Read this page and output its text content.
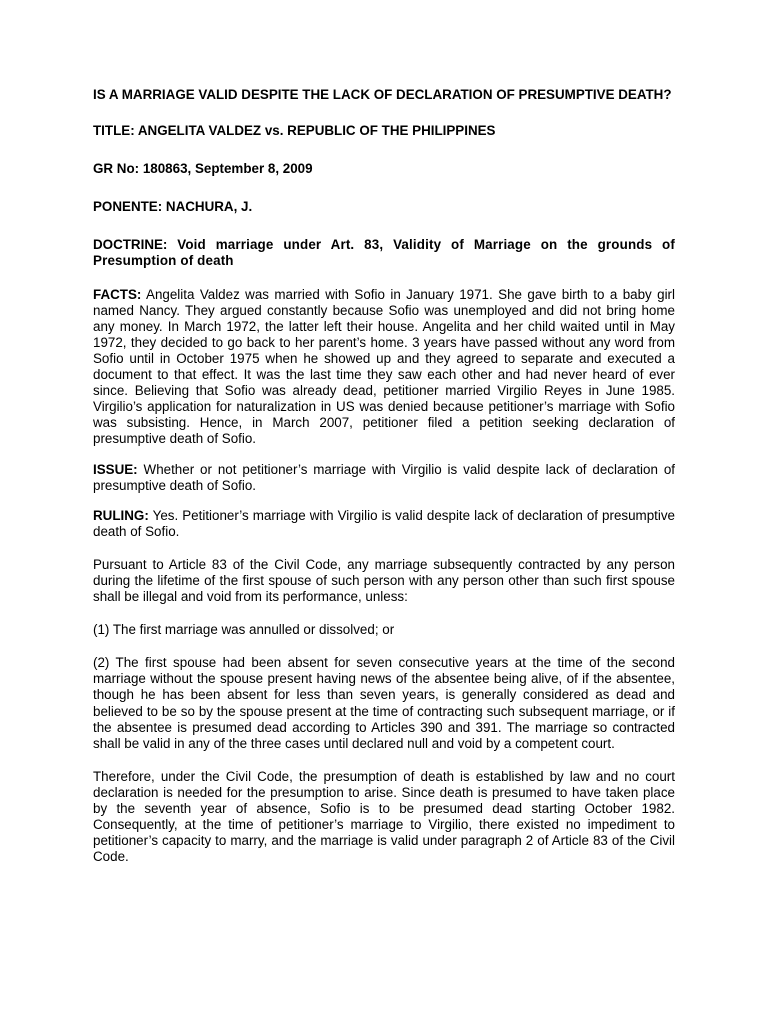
IS A MARRIAGE VALID DESPITE THE LACK OF DECLARATION OF PRESUMPTIVE DEATH?

TITLE: ANGELITA VALDEZ vs. REPUBLIC OF THE PHILIPPINES

GR No: 180863, September 8, 2009

PONENTE: NACHURA, J.

DOCTRINE: Void marriage under Art. 83, Validity of Marriage on the grounds of Presumption of death

FACTS: Angelita Valdez was married with Sofio in January 1971. She gave birth to a baby girl named Nancy. They argued constantly because Sofio was unemployed and did not bring home any money. In March 1972, the latter left their house. Angelita and her child waited until in May 1972, they decided to go back to her parent’s home. 3 years have passed without any word from Sofio until in October 1975 when he showed up and they agreed to separate and executed a document to that effect. It was the last time they saw each other and had never heard of ever since. Believing that Sofio was already dead, petitioner married Virgilio Reyes in June 1985. Virgilio’s application for naturalization in US was denied because petitioner’s marriage with Sofio was subsisting. Hence, in March 2007, petitioner filed a petition seeking declaration of presumptive death of Sofio.

ISSUE: Whether or not petitioner’s marriage with Virgilio is valid despite lack of declaration of presumptive death of Sofio.

RULING: Yes. Petitioner’s marriage with Virgilio is valid despite lack of declaration of presumptive death of Sofio.

Pursuant to Article 83 of the Civil Code, any marriage subsequently contracted by any person during the lifetime of the first spouse of such person with any person other than such first spouse shall be illegal and void from its performance, unless:

(1) The first marriage was annulled or dissolved; or

(2) The first spouse had been absent for seven consecutive years at the time of the second marriage without the spouse present having news of the absentee being alive, of if the absentee, though he has been absent for less than seven years, is generally considered as dead and believed to be so by the spouse present at the time of contracting such subsequent marriage, or if the absentee is presumed dead according to Articles 390 and 391. The marriage so contracted shall be valid in any of the three cases until declared null and void by a competent court.

Therefore, under the Civil Code, the presumption of death is established by law and no court declaration is needed for the presumption to arise. Since death is presumed to have taken place by the seventh year of absence, Sofio is to be presumed dead starting October 1982. Consequently, at the time of petitioner’s marriage to Virgilio, there existed no impediment to petitioner’s capacity to marry, and the marriage is valid under paragraph 2 of Article 83 of the Civil Code.
